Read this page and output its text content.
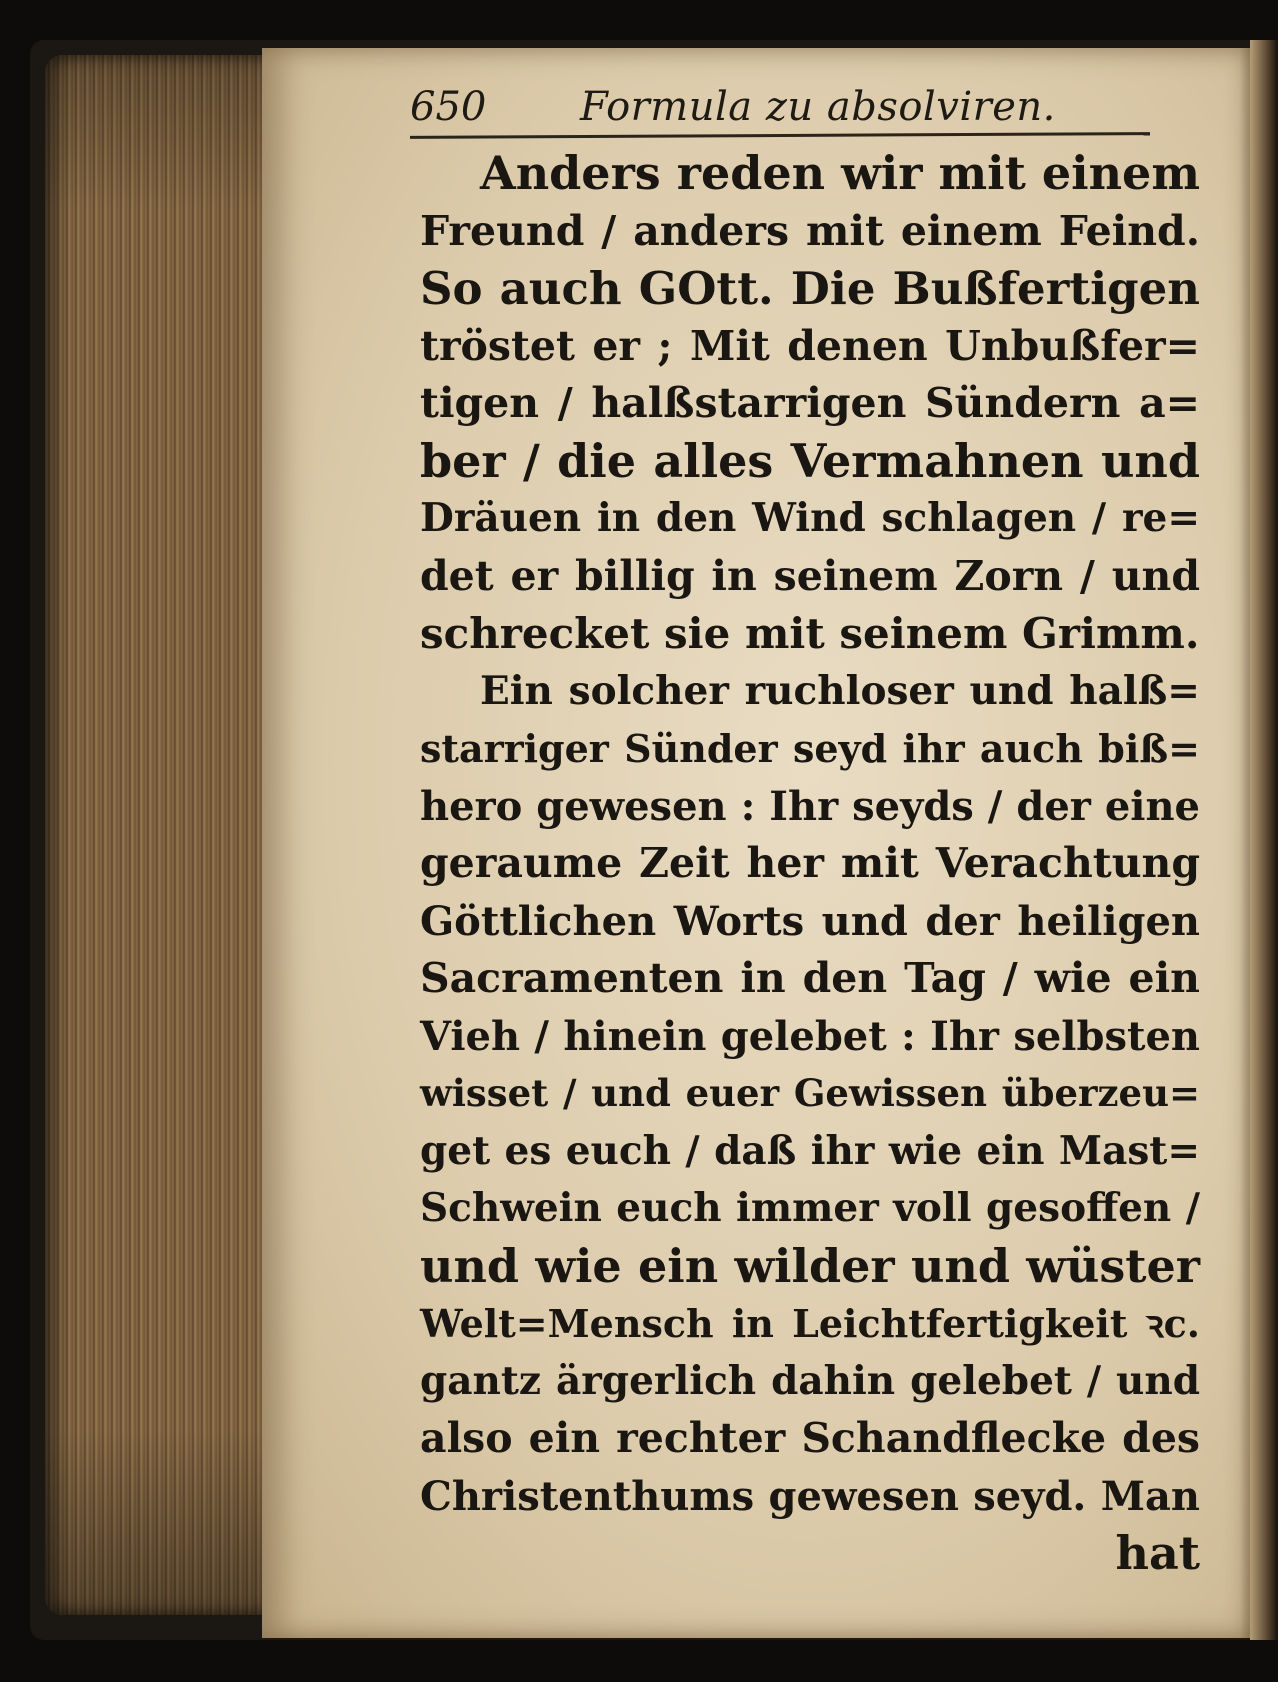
650 Formula zu absolviren.
Anders reden wir mit einem
Freund / anders mit einem Feind.
So auch GOtt. Die Bußfertigen
tröstet er ; Mit denen Unbußfer=
tigen / halßstarrigen Sündern a=
ber / die alles Vermahnen und
Dräuen in den Wind schlagen / re=
det er billig in seinem Zorn / und
schrecket sie mit seinem Grimm.
Ein solcher ruchloser und halß=
starriger Sünder seyd ihr auch biß=
hero gewesen : Ihr seyds / der eine
geraume Zeit her mit Verachtung
Göttlichen Worts und der heiligen
Sacramenten in den Tag / wie ein
Vieh / hinein gelebet : Ihr selbsten
wisset / und euer Gewissen überzeu=
get es euch / daß ihr wie ein Mast=
Schwein euch immer voll gesoffen /
und wie ein wilder und wüster
Welt=Mensch in Leichtfertigkeit ꝛc.
gantz ärgerlich dahin gelebet / und
also ein rechter Schandflecke des
Christenthums gewesen seyd. Man
hat
